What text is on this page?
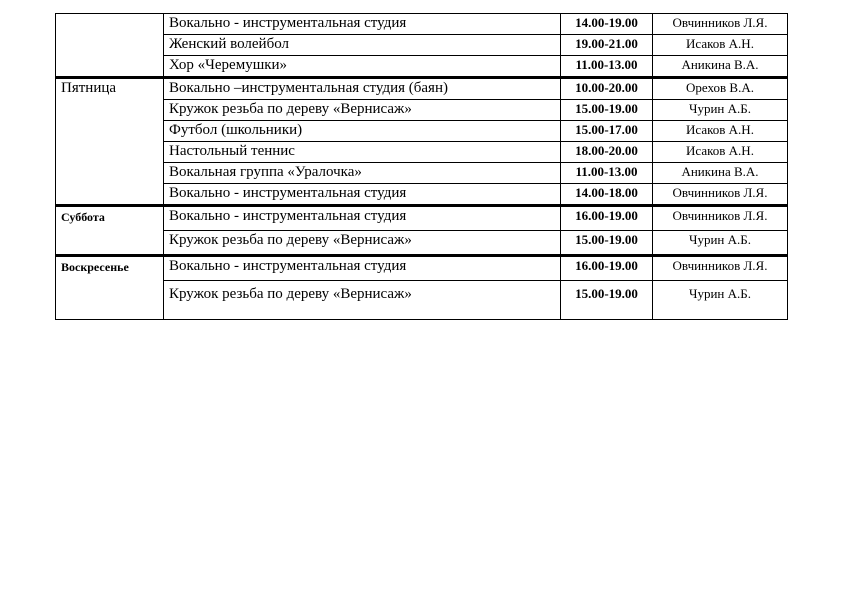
	Вокально - инструментальная студия	14.00-19.00	Овчинников Л.Я.
	Женский волейбол	19.00-21.00	Исаков А.Н.
	Хор «Черемушки»	11.00-13.00	Аникина В.А.
Пятница	Вокально –инструментальная студия (баян)	10.00-20.00	Орехов В.А.
	Кружок резьба по дереву «Вернисаж»	15.00-19.00	Чурин А.Б.
	Футбол (школьники)	15.00-17.00	Исаков А.Н.
	Настольный теннис	18.00-20.00	Исаков А.Н.
	Вокальная группа «Уралочка»	11.00-13.00	Аникина В.А.
	Вокально - инструментальная студия	14.00-18.00	Овчинников Л.Я.
Суббота	Вокально - инструментальная студия	16.00-19.00	Овчинников Л.Я.
	Кружок резьба по дереву «Вернисаж»	15.00-19.00	Чурин А.Б.
Воскресенье	Вокально - инструментальная студия	16.00-19.00	Овчинников Л.Я.
	Кружок резьба по дереву «Вернисаж»	15.00-19.00	Чурин А.Б.
